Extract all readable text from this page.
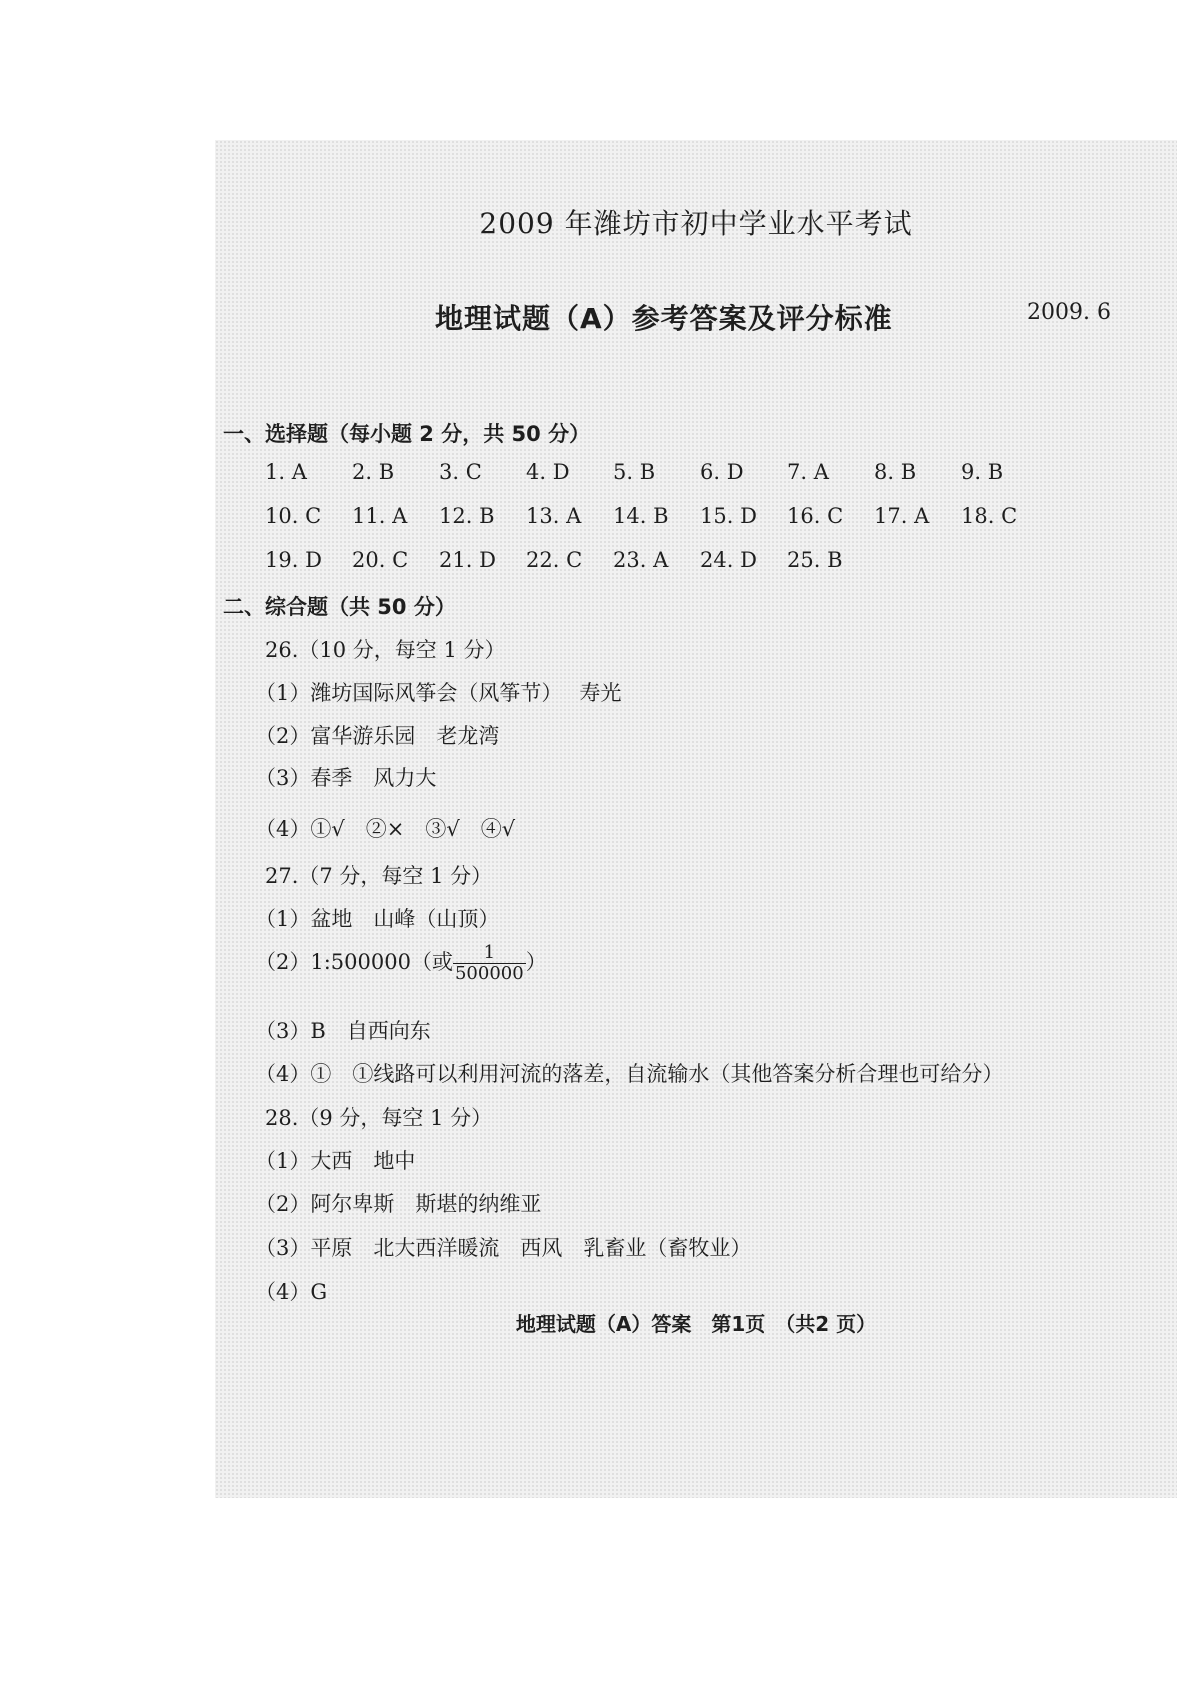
2009 年潍坊市初中学业水平考试
地理试题（A）参考答案及评分标准	2009. 6
一、选择题（每小题 2 分，共 50 分）
1. A 2. B 3. C 4. D 5. B 6. D 7. A 8. B 9. B
10. C 11. A 12. B 13. A 14. B 15. D 16. C 17. A 18. C
19. D 20. C 21. D 22. C 23. A 24. D 25. B
二、综合题（共 50 分）
26.（10 分，每空 1 分）
（1）潍坊国际风筝会（风筝节）　 寿光
（2）富华游乐园　老龙湾
（3）春季　风力大
（4）①√　②×　③√　④√
27.（7 分，每空 1 分）
（1）盆地　山峰（山顶）
（2）1:500000（或 $\frac{1}{500000}$ ）
（3）B　自西向东
（4）①　①线路可以利用河流的落差，自流输水（其他答案分析合理也可给分）
28.（9 分，每空 1 分）
（1）大西　地中
（2）阿尔卑斯　斯堪的纳维亚
（3）平原　北大西洋暖流　西风　乳畜业（畜牧业）
（4）G
地理试题（A）答案　第1页　（共2 页）
